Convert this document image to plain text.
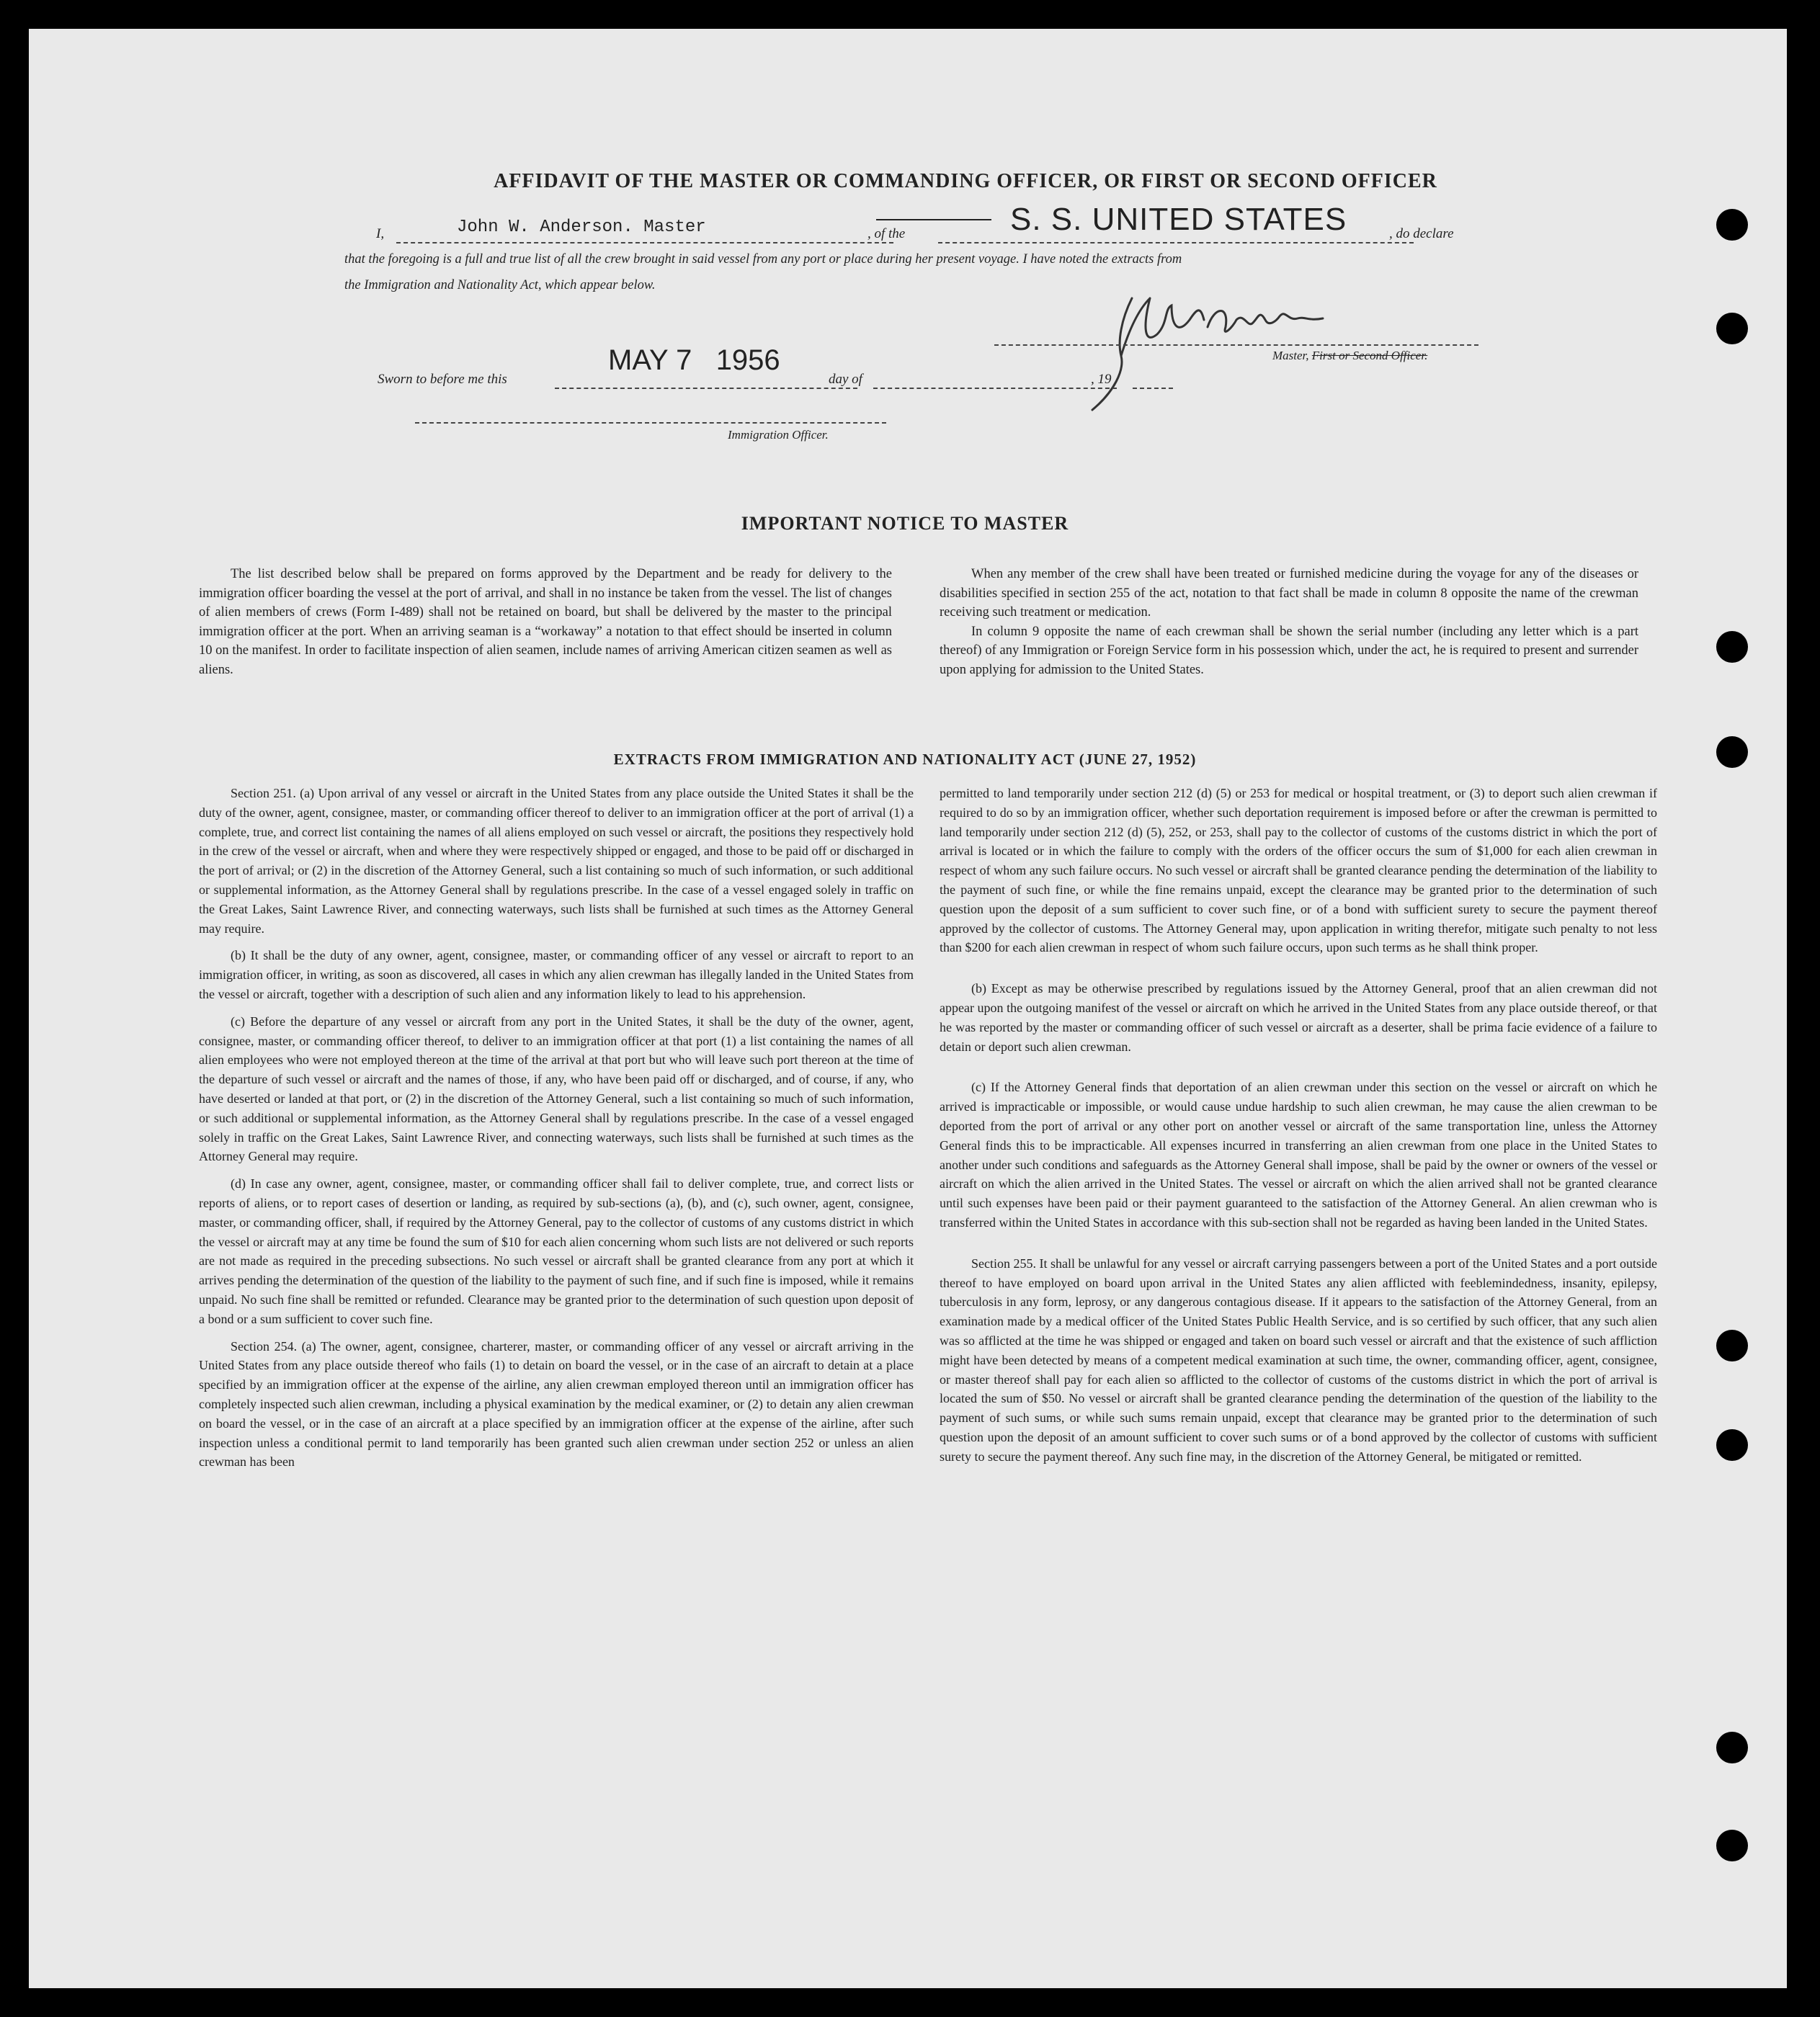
AFFIDAVIT OF THE MASTER OR COMMANDING OFFICER, OR FIRST OR SECOND OFFICER
I,	John W. Anderson. Master	, of the	S. S. UNITED STATES	, do declare
that the foregoing is a full and true list of all the crew brought in said vessel from any port or place during her present voyage. I have noted the extracts from
the Immigration and Nationality Act, which appear below.
Master, First or Second Officer.
Sworn to before me this
MAY 7   1956
day of	, 19
Immigration Officer.
IMPORTANT NOTICE TO MASTER

The list described below shall be prepared on forms approved by the Department and be ready for delivery to the immigration officer boarding the vessel at the port of arrival, and shall in no instance be taken from the vessel. The list of changes of alien members of crews (Form I-489) shall not be retained on board, but shall be delivered by the master to the principal immigration officer at the port. When an arriving seaman is a “workaway” a notation to that effect should be inserted in column 10 on the manifest. In order to facilitate inspection of alien seamen, include names of arriving American citizen seamen as well as aliens.

When any member of the crew shall have been treated or furnished medicine during the voyage for any of the diseases or disabilities specified in section 255 of the act, notation to that fact shall be made in column 8 opposite the name of the crewman receiving such treatment or medication.

In column 9 opposite the name of each crewman shall be shown the serial number (including any letter which is a part thereof) of any Immigration or Foreign Service form in his possession which, under the act, he is required to present and surrender upon applying for admission to the United States.

EXTRACTS FROM IMMIGRATION AND NATIONALITY ACT (JUNE 27, 1952)

Section 251. (a) Upon arrival of any vessel or aircraft in the United States from any place outside the United States it shall be the duty of the owner, agent, consignee, master, or commanding officer thereof to deliver to an immigration officer at the port of arrival (1) a complete, true, and correct list containing the names of all aliens employed on such vessel or aircraft, the positions they respectively hold in the crew of the vessel or aircraft, when and where they were respectively shipped or engaged, and those to be paid off or discharged in the port of arrival; or (2) in the discretion of the Attorney General, such a list containing so much of such information, or such additional or supplemental information, as the Attorney General shall by regulations prescribe. In the case of a vessel engaged solely in traffic on the Great Lakes, Saint Lawrence River, and connecting waterways, such lists shall be furnished at such times as the Attorney General may require.

(b) It shall be the duty of any owner, agent, consignee, master, or commanding officer of any vessel or aircraft to report to an immigration officer, in writing, as soon as discovered, all cases in which any alien crewman has illegally landed in the United States from the vessel or aircraft, together with a description of such alien and any information likely to lead to his apprehension.

(c) Before the departure of any vessel or aircraft from any port in the United States, it shall be the duty of the owner, agent, consignee, master, or commanding officer thereof, to deliver to an immigration officer at that port (1) a list containing the names of all alien employees who were not employed thereon at the time of the arrival at that port but who will leave such port thereon at the time of the departure of such vessel or aircraft and the names of those, if any, who have been paid off or discharged, and of course, if any, who have deserted or landed at that port, or (2) in the discretion of the Attorney General, such a list containing so much of such information, or such additional or supplemental information, as the Attorney General shall by regulations prescribe. In the case of a vessel engaged solely in traffic on the Great Lakes, Saint Lawrence River, and connecting waterways, such lists shall be furnished at such times as the Attorney General may require.

(d) In case any owner, agent, consignee, master, or commanding officer shall fail to deliver complete, true, and correct lists or reports of aliens, or to report cases of desertion or landing, as required by sub-sections (a), (b), and (c), such owner, agent, consignee, master, or commanding officer, shall, if required by the Attorney General, pay to the collector of customs of any customs district in which the vessel or aircraft may at any time be found the sum of $10 for each alien concerning whom such lists are not delivered or such reports are not made as required in the preceding subsections. No such vessel or aircraft shall be granted clearance from any port at which it arrives pending the determination of the question of the liability to the payment of such fine, and if such fine is imposed, while it remains unpaid. No such fine shall be remitted or refunded. Clearance may be granted prior to the determination of such question upon deposit of a bond or a sum sufficient to cover such fine.

Section 254. (a) The owner, agent, consignee, charterer, master, or commanding officer of any vessel or aircraft arriving in the United States from any place outside thereof who fails (1) to detain on board the vessel, or in the case of an aircraft to detain at a place specified by an immigration officer at the expense of the airline, any alien crewman employed thereon until an immigration officer has completely inspected such alien crewman, including a physical examination by the medical examiner, or (2) to detain any alien crewman on board the vessel, or in the case of an aircraft at a place specified by an immigration officer at the expense of the airline, after such inspection unless a conditional permit to land temporarily has been granted such alien crewman under section 252 or unless an alien crewman has been

permitted to land temporarily under section 212 (d) (5) or 253 for medical or hospital treatment, or (3) to deport such alien crewman if required to do so by an immigration officer, whether such deportation requirement is imposed before or after the crewman is permitted to land temporarily under section 212 (d) (5), 252, or 253, shall pay to the collector of customs of the customs district in which the port of arrival is located or in which the failure to comply with the orders of the officer occurs the sum of $1,000 for each alien crewman in respect of whom any such failure occurs. No such vessel or aircraft shall be granted clearance pending the determination of the liability to the payment of such fine, or while the fine remains unpaid, except the clearance may be granted prior to the determination of such question upon the deposit of a sum sufficient to cover such fine, or of a bond with sufficient surety to secure the payment thereof approved by the collector of customs. The Attorney General may, upon application in writing therefor, mitigate such penalty to not less than $200 for each alien crewman in respect of whom such failure occurs, upon such terms as he shall think proper.

(b) Except as may be otherwise prescribed by regulations issued by the Attorney General, proof that an alien crewman did not appear upon the outgoing manifest of the vessel or aircraft on which he arrived in the United States from any place outside thereof, or that he was reported by the master or commanding officer of such vessel or aircraft as a deserter, shall be prima facie evidence of a failure to detain or deport such alien crewman.

(c) If the Attorney General finds that deportation of an alien crewman under this section on the vessel or aircraft on which he arrived is impracticable or impossible, or would cause undue hardship to such alien crewman, he may cause the alien crewman to be deported from the port of arrival or any other port on another vessel or aircraft of the same transportation line, unless the Attorney General finds this to be impracticable. All expenses incurred in transferring an alien crewman from one place in the United States to another under such conditions and safeguards as the Attorney General shall impose, shall be paid by the owner or owners of the vessel or aircraft on which the alien arrived in the United States. The vessel or aircraft on which the alien arrived shall not be granted clearance until such expenses have been paid or their payment guaranteed to the satisfaction of the Attorney General. An alien crewman who is transferred within the United States in accordance with this sub-section shall not be regarded as having been landed in the United States.

Section 255. It shall be unlawful for any vessel or aircraft carrying passengers between a port of the United States and a port outside thereof to have employed on board upon arrival in the United States any alien afflicted with feeblemindedness, insanity, epilepsy, tuberculosis in any form, leprosy, or any dangerous contagious disease. If it appears to the satisfaction of the Attorney General, from an examination made by a medical officer of the United States Public Health Service, and is so certified by such officer, that any such alien was so afflicted at the time he was shipped or engaged and taken on board such vessel or aircraft and that the existence of such affliction might have been detected by means of a competent medical examination at such time, the owner, commanding officer, agent, consignee, or master thereof shall pay for each alien so afflicted to the collector of customs of the customs district in which the port of arrival is located the sum of $50. No vessel or aircraft shall be granted clearance pending the determination of the question of the liability to the payment of such sums, or while such sums remain unpaid, except that clearance may be granted prior to the determination of such question upon the deposit of an amount sufficient to cover such sums or of a bond approved by the collector of customs with sufficient surety to secure the payment thereof. Any such fine may, in the discretion of the Attorney General, be mitigated or remitted.
